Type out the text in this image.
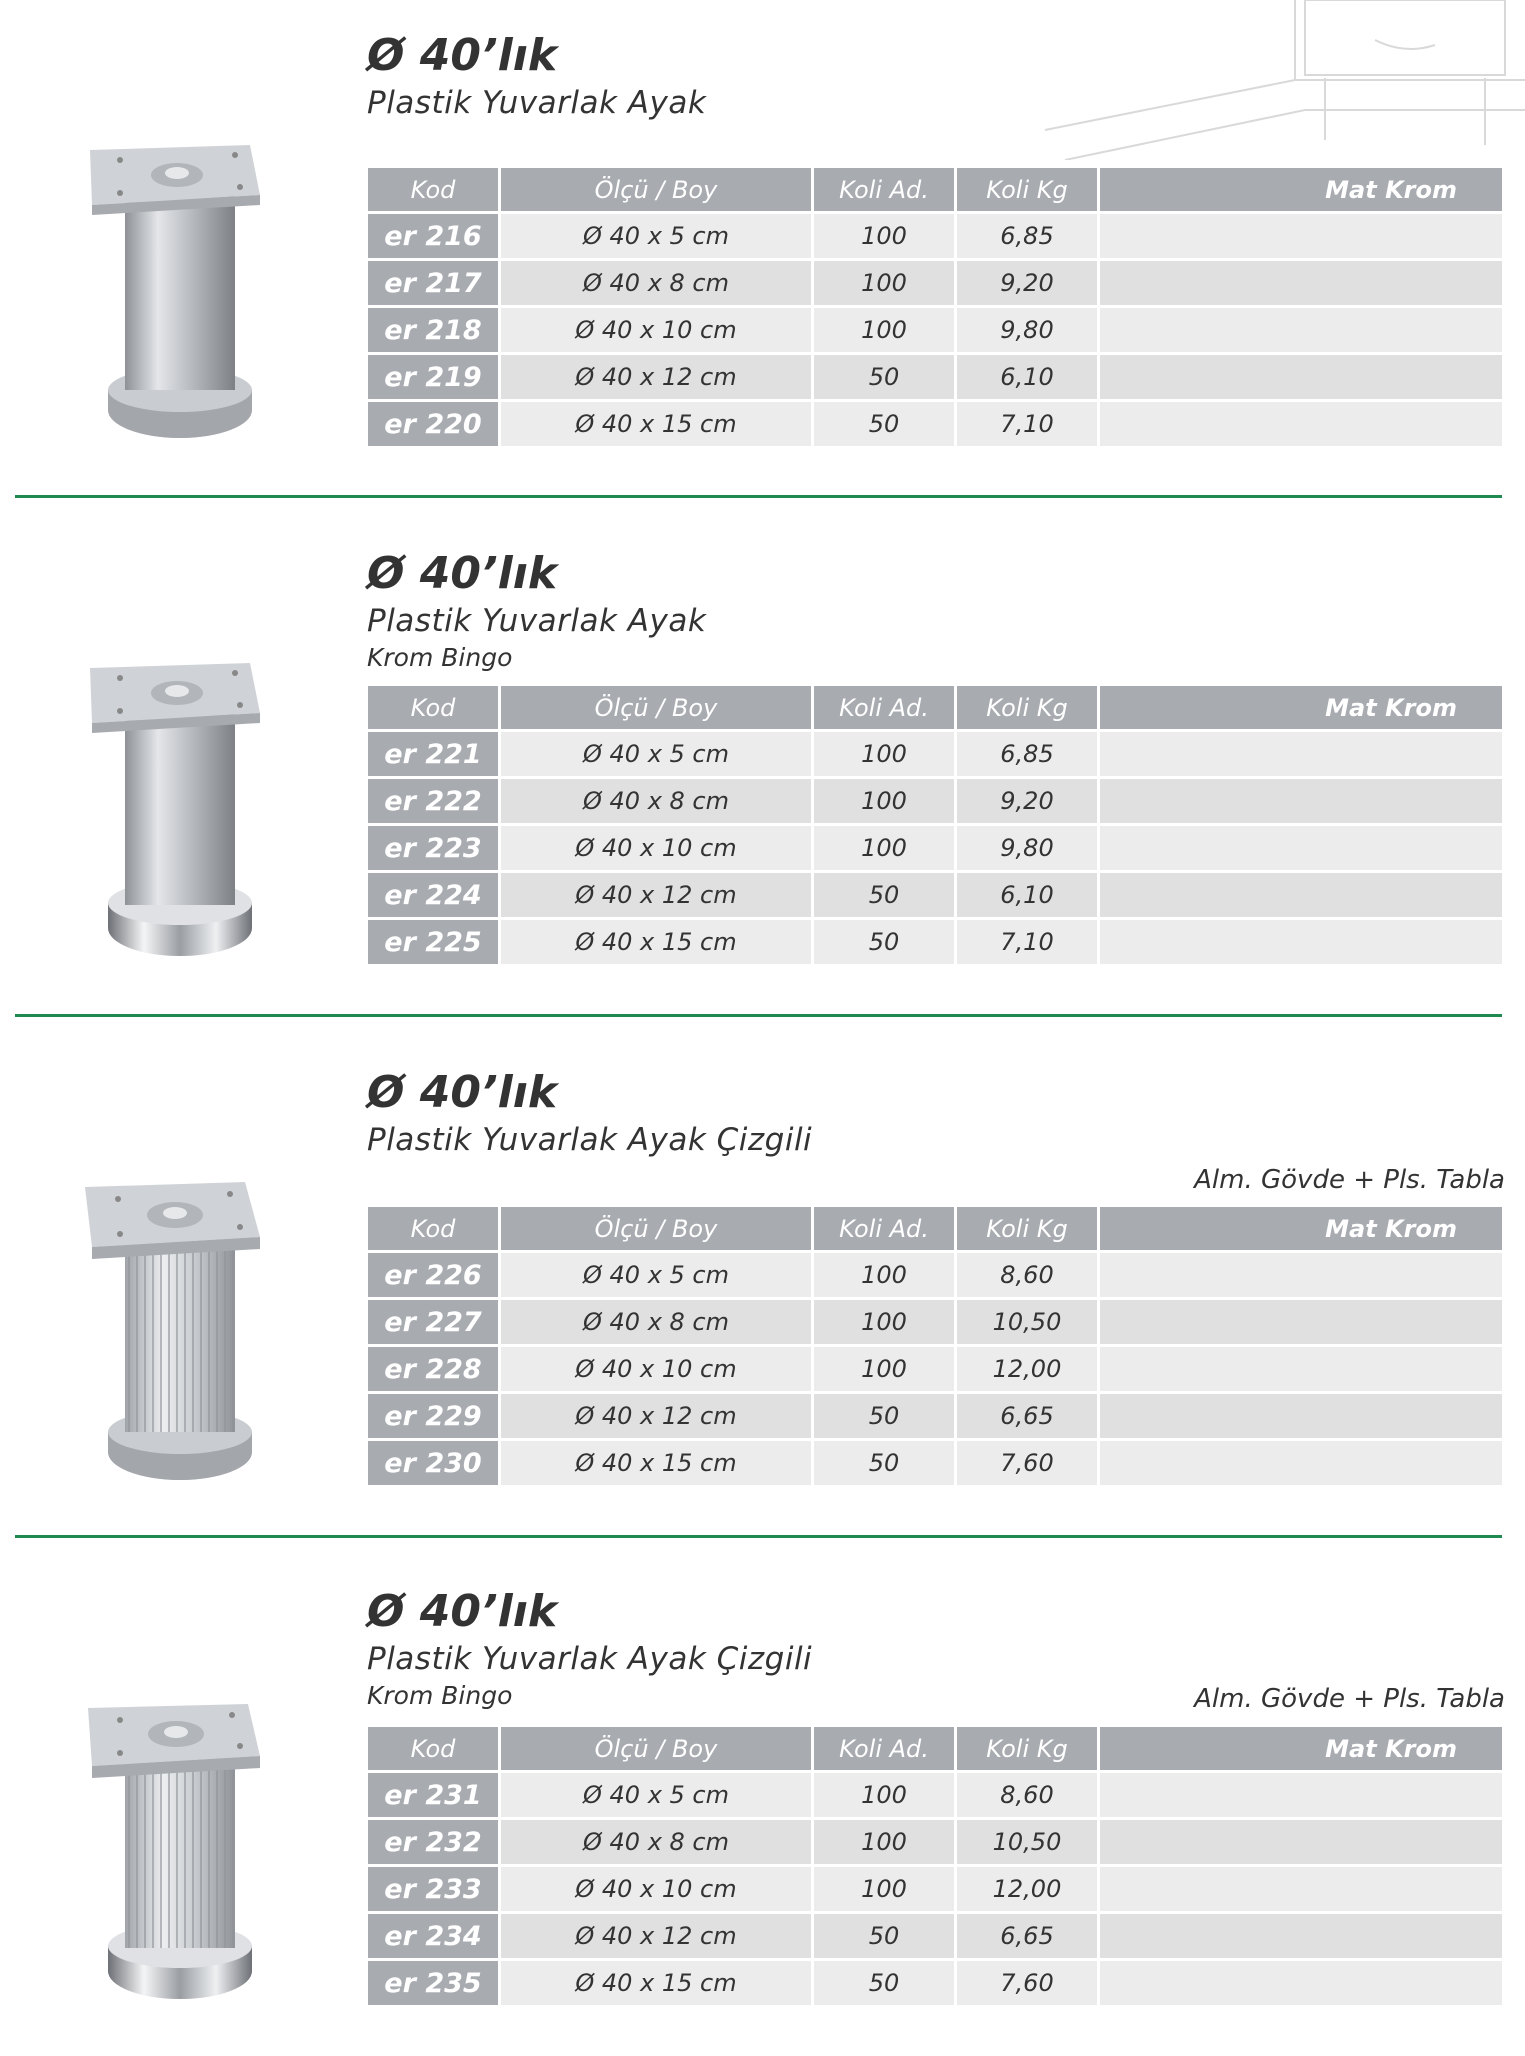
Ø 40’lık
Plastik Yuvarlak Ayak
Kod	Ölçü / Boy	Koli Ad.	Koli Kg	Mat Krom
er 216	Ø 40 x 5 cm	100	6,85	
er 217	Ø 40 x 8 cm	100	9,20	
er 218	Ø 40 x 10 cm	100	9,80	
er 219	Ø 40 x 12 cm	50	6,10	
er 220	Ø 40 x 15 cm	50	7,10	
Ø 40’lık
Plastik Yuvarlak Ayak
Krom Bingo
Kod	Ölçü / Boy	Koli Ad.	Koli Kg	Mat Krom
er 221	Ø 40 x 5 cm	100	6,85	
er 222	Ø 40 x 8 cm	100	9,20	
er 223	Ø 40 x 10 cm	100	9,80	
er 224	Ø 40 x 12 cm	50	6,10	
er 225	Ø 40 x 15 cm	50	7,10	
Ø 40’lık
Plastik Yuvarlak Ayak Çizgili
Alm. Gövde + Pls. Tabla
Kod	Ölçü / Boy	Koli Ad.	Koli Kg	Mat Krom
er 226	Ø 40 x 5 cm	100	8,60	
er 227	Ø 40 x 8 cm	100	10,50	
er 228	Ø 40 x 10 cm	100	12,00	
er 229	Ø 40 x 12 cm	50	6,65	
er 230	Ø 40 x 15 cm	50	7,60	
Ø 40’lık
Plastik Yuvarlak Ayak Çizgili
Krom Bingo	Alm. Gövde + Pls. Tabla
Kod	Ölçü / Boy	Koli Ad.	Koli Kg	Mat Krom
er 231	Ø 40 x 5 cm	100	8,60	
er 232	Ø 40 x 8 cm	100	10,50	
er 233	Ø 40 x 10 cm	100	12,00	
er 234	Ø 40 x 12 cm	50	6,65	
er 235	Ø 40 x 15 cm	50	7,60	
